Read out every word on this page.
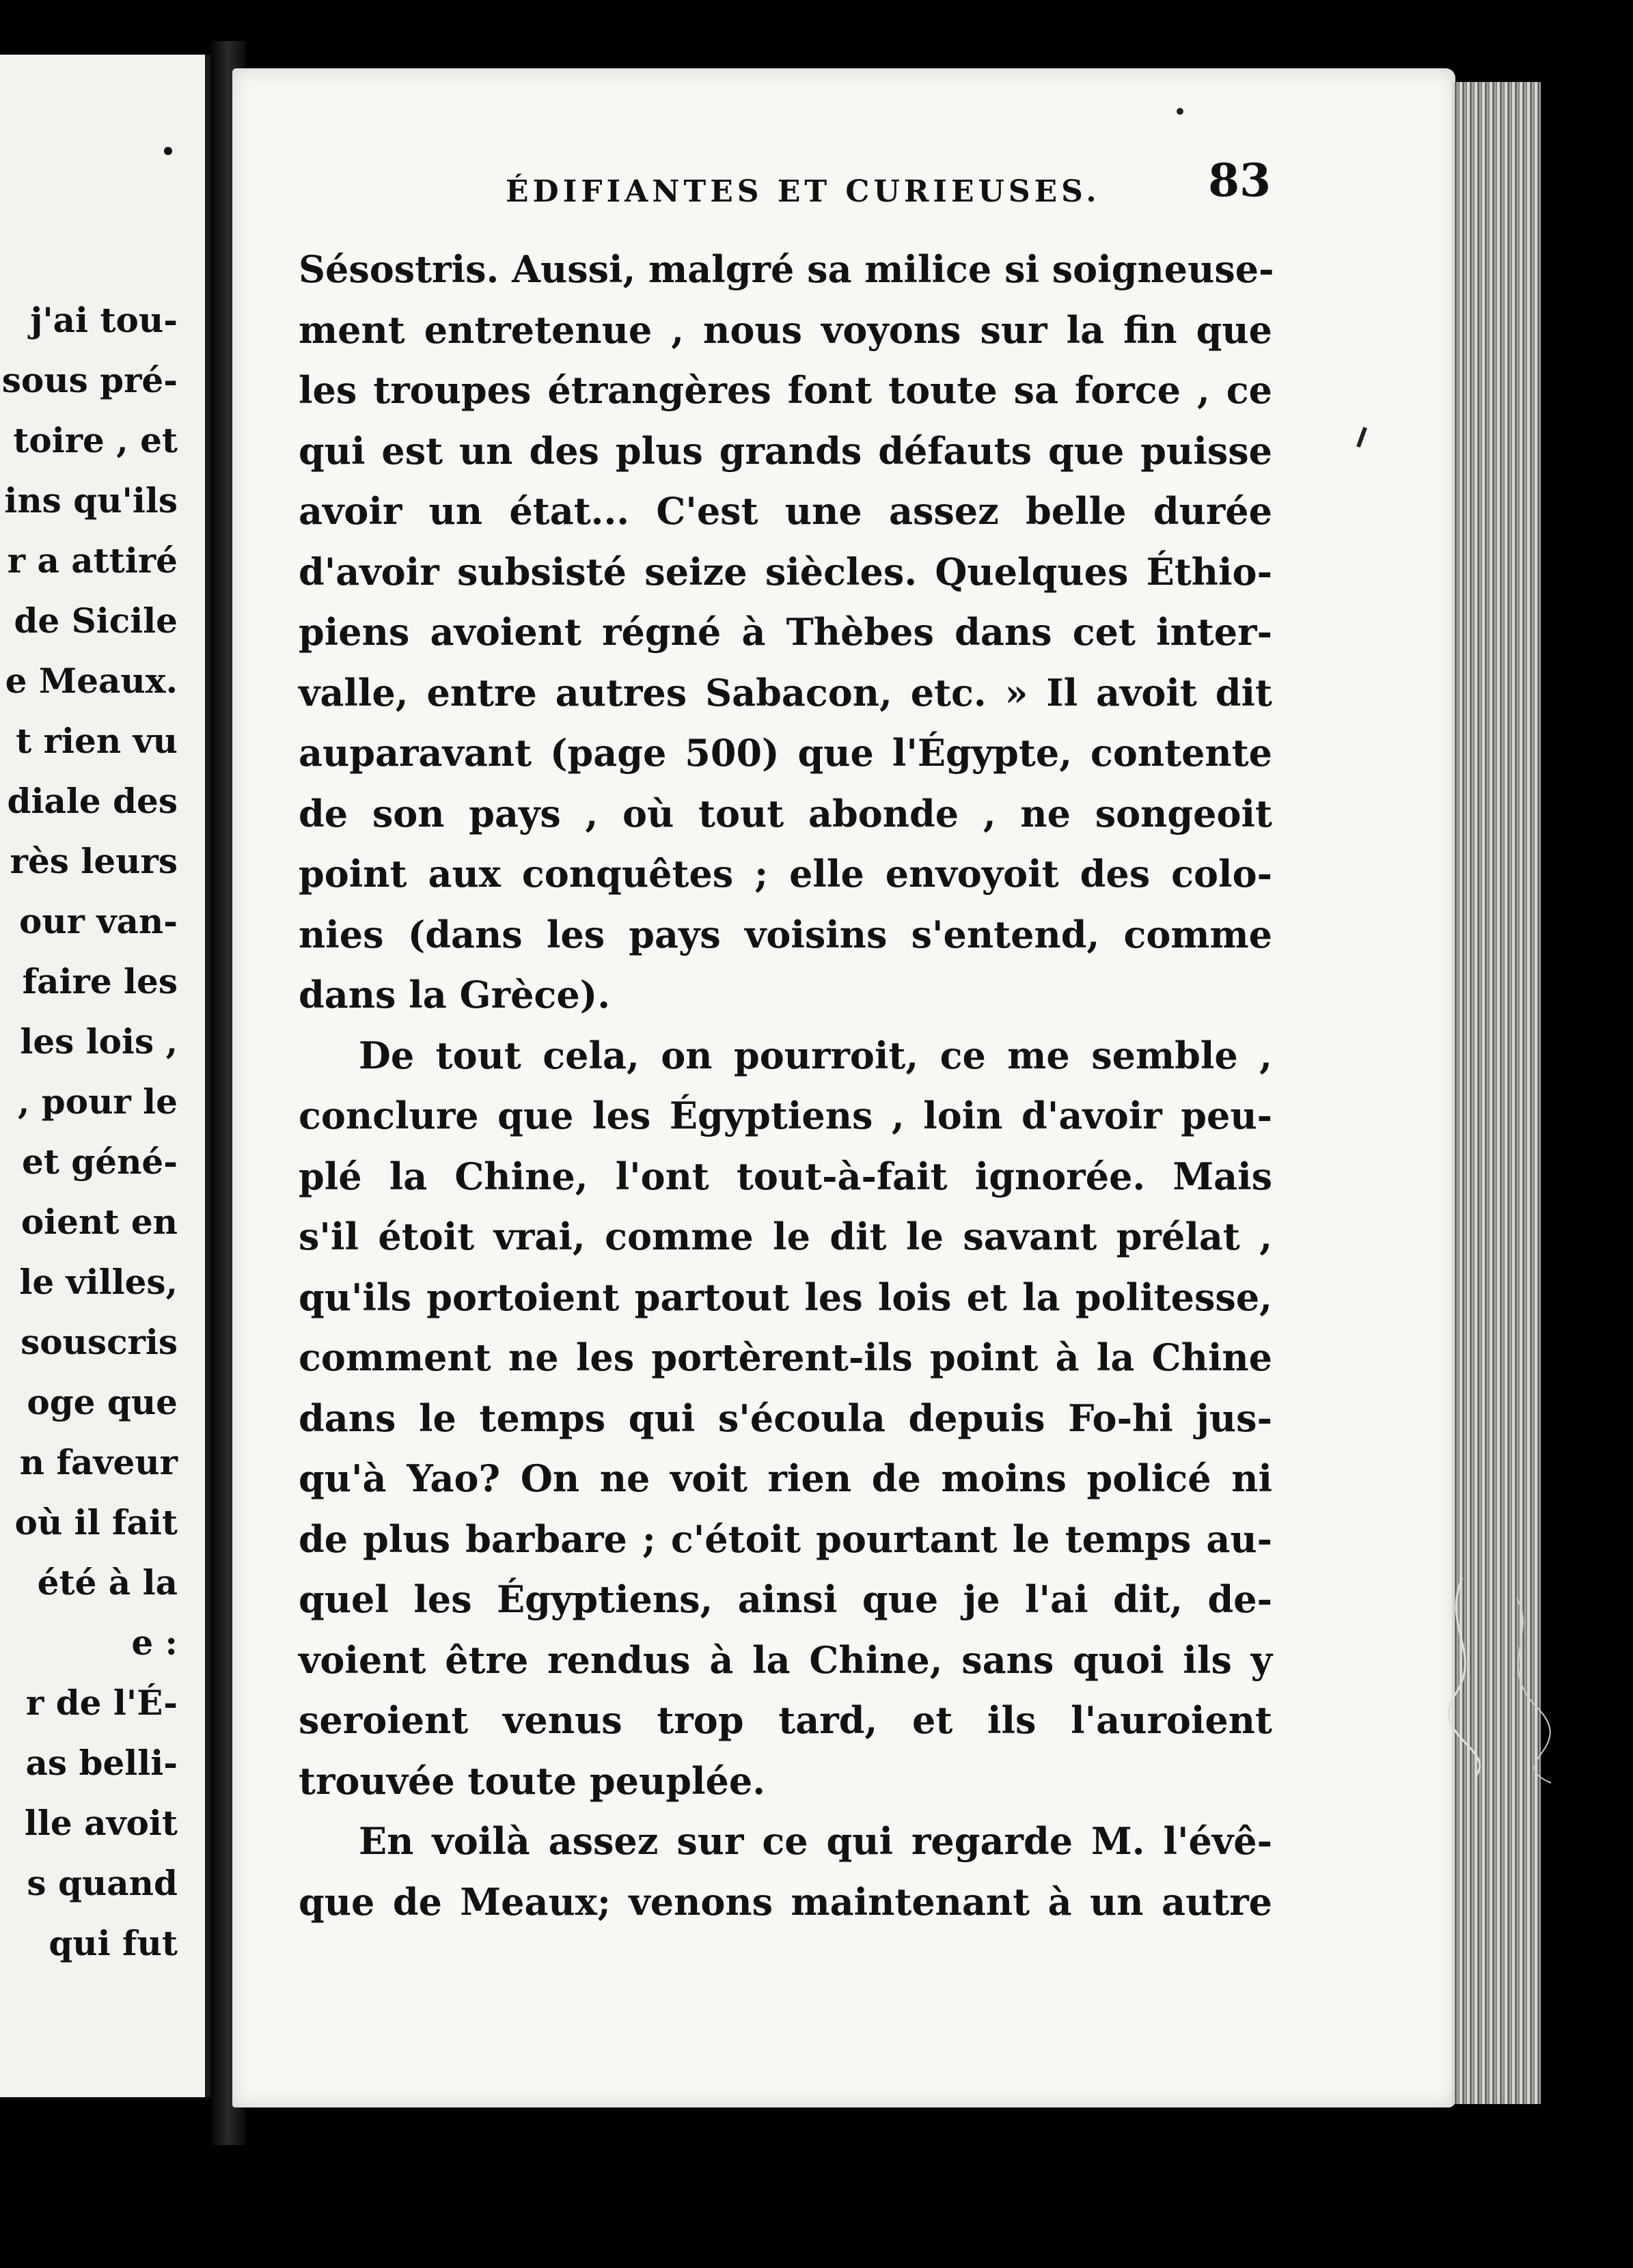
j'ai tou-
sous pré-
toire , et
ins qu'ils
r a attiré
de Sicile
e Meaux.
t rien vu
diale des
rès leurs
our van-
faire les
les lois ,
, pour le
et géné-
oient en
le villes,
souscris
oge que
n faveur
où il fait
été à la
e :
r de l'É-
as belli-
lle avoit
s quand
qui fut
ÉDIFIANTES ET CURIEUSES. 83
Sésostris. Aussi, malgré sa milice si soigneuse-
ment entretenue , nous voyons sur la fin que
les troupes étrangères font toute sa force , ce
qui est un des plus grands défauts que puisse
avoir un état... C'est une assez belle durée
d'avoir subsisté seize siècles. Quelques Éthio-
piens avoient régné à Thèbes dans cet inter-
valle, entre autres Sabacon, etc. » Il avoit dit
auparavant (page 500) que l'Égypte, contente
de son pays , où tout abonde , ne songeoit
point aux conquêtes ; elle envoyoit des colo-
nies (dans les pays voisins s'entend, comme
dans la Grèce).
De tout cela, on pourroit, ce me semble ,
conclure que les Égyptiens , loin d'avoir peu-
plé la Chine, l'ont tout-à-fait ignorée. Mais
s'il étoit vrai, comme le dit le savant prélat ,
qu'ils portoient partout les lois et la politesse,
comment ne les portèrent-ils point à la Chine
dans le temps qui s'écoula depuis Fo-hi jus-
qu'à Yao? On ne voit rien de moins policé ni
de plus barbare ; c'étoit pourtant le temps au-
quel les Égyptiens, ainsi que je l'ai dit, de-
voient être rendus à la Chine, sans quoi ils y
seroient venus trop tard, et ils l'auroient
trouvée toute peuplée.
En voilà assez sur ce qui regarde M. l'évê-
que de Meaux; venons maintenant à un autre
